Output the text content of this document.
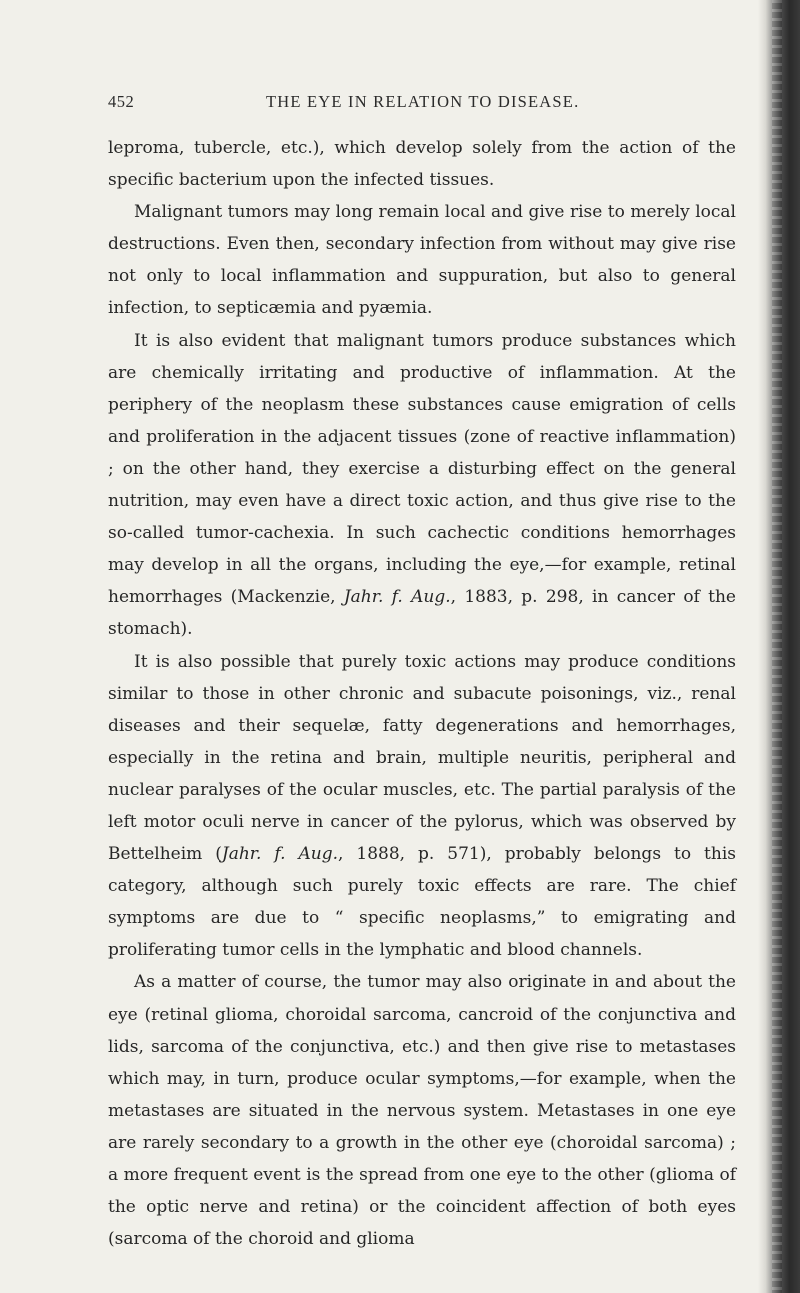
452	THE EYE IN RELATION TO DISEASE.

leproma, tubercle, etc.), which develop solely from the action of the specific bacterium upon the infected tissues.

Malignant tumors may long remain local and give rise to merely local destructions. Even then, secondary infection from without may give rise not only to local inflammation and suppuration, but also to general infection, to septicæmia and pyæmia.

It is also evident that malignant tumors produce substances which are chemically irritating and productive of inflammation. At the periphery of the neoplasm these substances cause emigration of cells and proliferation in the adjacent tissues (zone of reactive inflammation) ; on the other hand, they exercise a disturbing effect on the general nutrition, may even have a direct toxic action, and thus give rise to the so-called tumor-cachexia. In such cachectic conditions hemorrhages may develop in all the organs, including the eye,—for example, retinal hemorrhages (Mackenzie, Jahr. f. Aug., 1883, p. 298, in cancer of the stomach).

It is also possible that purely toxic actions may produce conditions similar to those in other chronic and subacute poisonings, viz., renal diseases and their sequelæ, fatty degenerations and hemorrhages, especially in the retina and brain, multiple neuritis, peripheral and nuclear paralyses of the ocular muscles, etc. The partial paralysis of the left motor oculi nerve in cancer of the pylorus, which was observed by Bettelheim (Jahr. f. Aug., 1888, p. 571), probably belongs to this category, although such purely toxic effects are rare. The chief symptoms are due to “ specific neoplasms,” to emigrating and proliferating tumor cells in the lymphatic and blood channels.

As a matter of course, the tumor may also originate in and about the eye (retinal glioma, choroidal sarcoma, cancroid of the conjunctiva and lids, sarcoma of the conjunctiva, etc.) and then give rise to metastases which may, in turn, produce ocular symptoms,—for example, when the metastases are situated in the nervous system. Metastases in one eye are rarely secondary to a growth in the other eye (choroidal sarcoma) ; a more frequent event is the spread from one eye to the other (glioma of the optic nerve and retina) or the coincident affection of both eyes (sarcoma of the choroid and glioma
